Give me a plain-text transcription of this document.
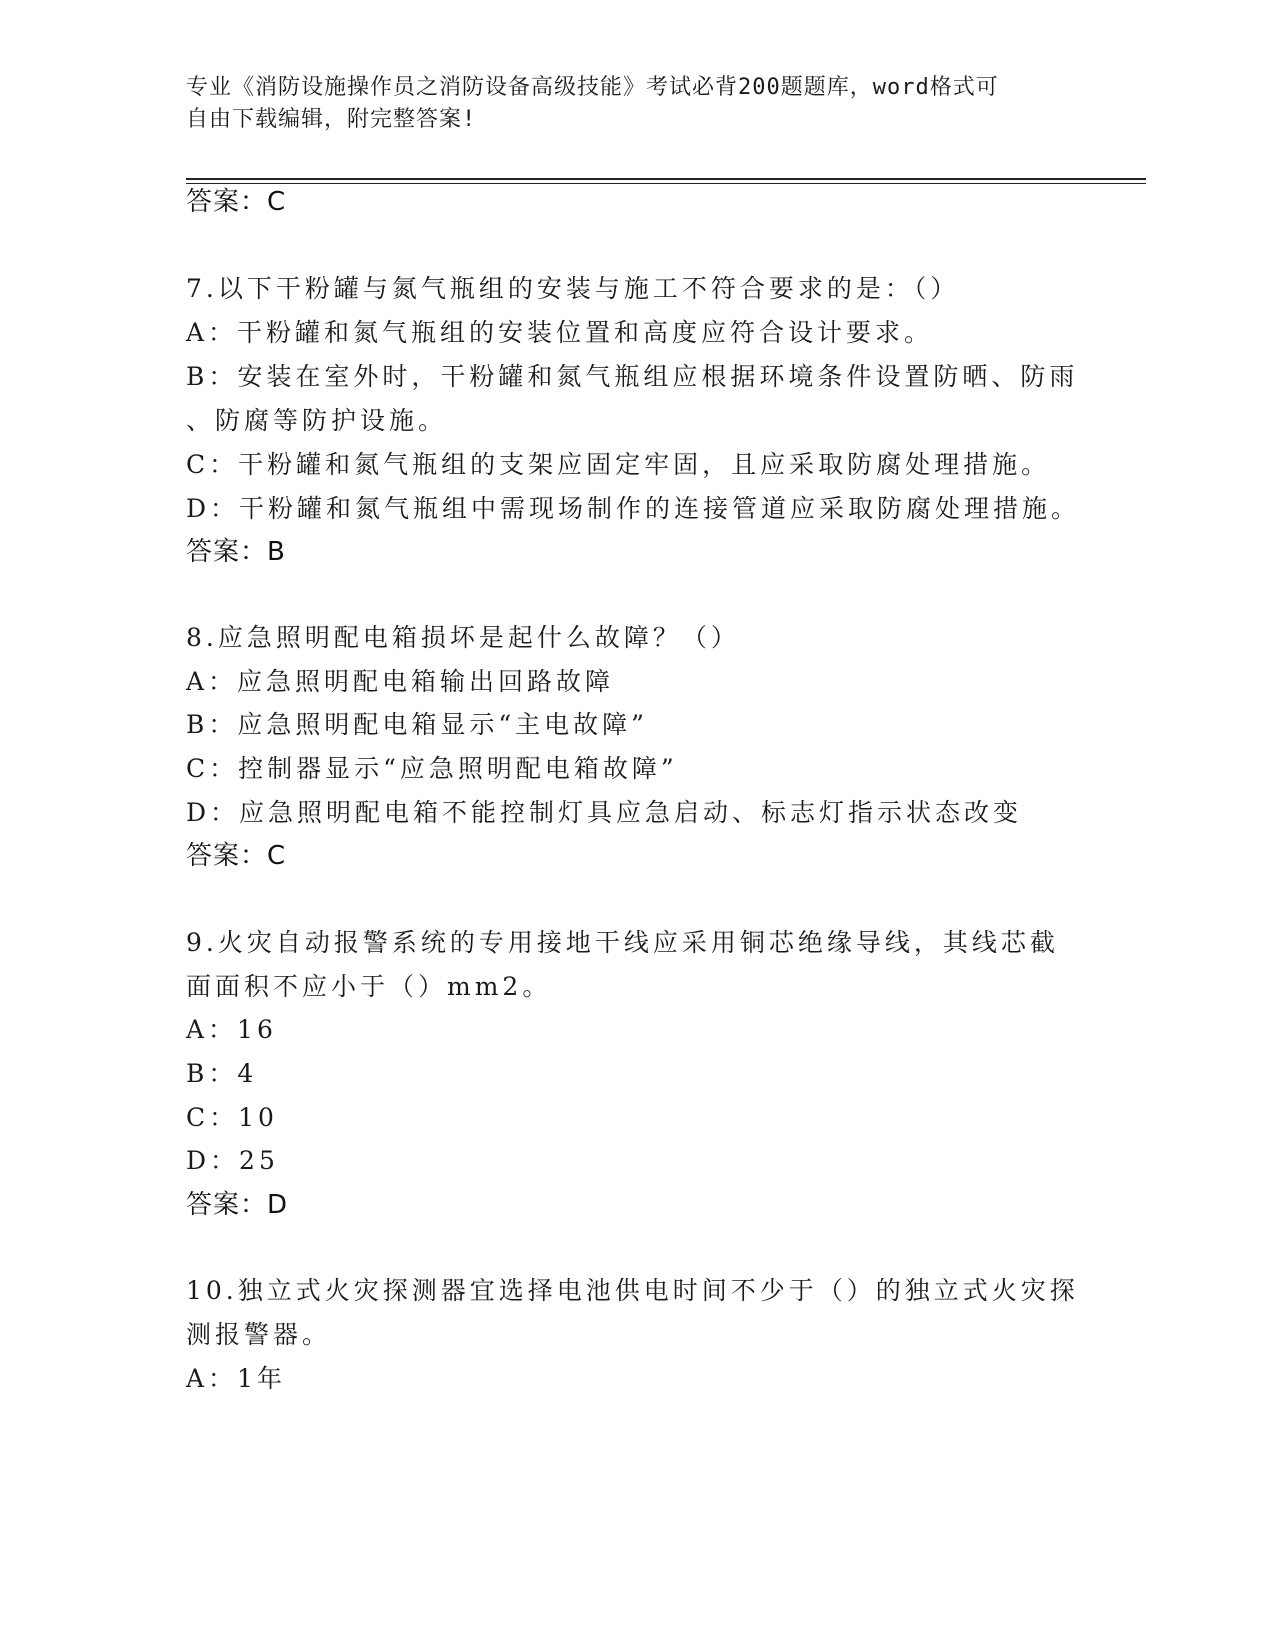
专业《消防设施操作员之消防设备高级技能》考试必背200题题库，word格式可
自由下载编辑，附完整答案!
答案：C
7.以下干粉罐与氮气瓶组的安装与施工不符合要求的是：（）
A：干粉罐和氮气瓶组的安装位置和高度应符合设计要求。
B：安装在室外时，干粉罐和氮气瓶组应根据环境条件设置防晒、防雨
、防腐等防护设施。
C：干粉罐和氮气瓶组的支架应固定牢固，且应采取防腐处理措施。
D：干粉罐和氮气瓶组中需现场制作的连接管道应采取防腐处理措施。
答案：B
8.应急照明配电箱损坏是起什么故障？（）
A：应急照明配电箱输出回路故障
B：应急照明配电箱显示“主电故障”
C：控制器显示“应急照明配电箱故障”
D：应急照明配电箱不能控制灯具应急启动、标志灯指示状态改变
答案：C
9.火灾自动报警系统的专用接地干线应采用铜芯绝缘导线，其线芯截
面面积不应小于（）mm2。
A：16
B：4
C：10
D：25
答案：D
10.独立式火灾探测器宜选择电池供电时间不少于（）的独立式火灾探
测报警器。
A：1年
